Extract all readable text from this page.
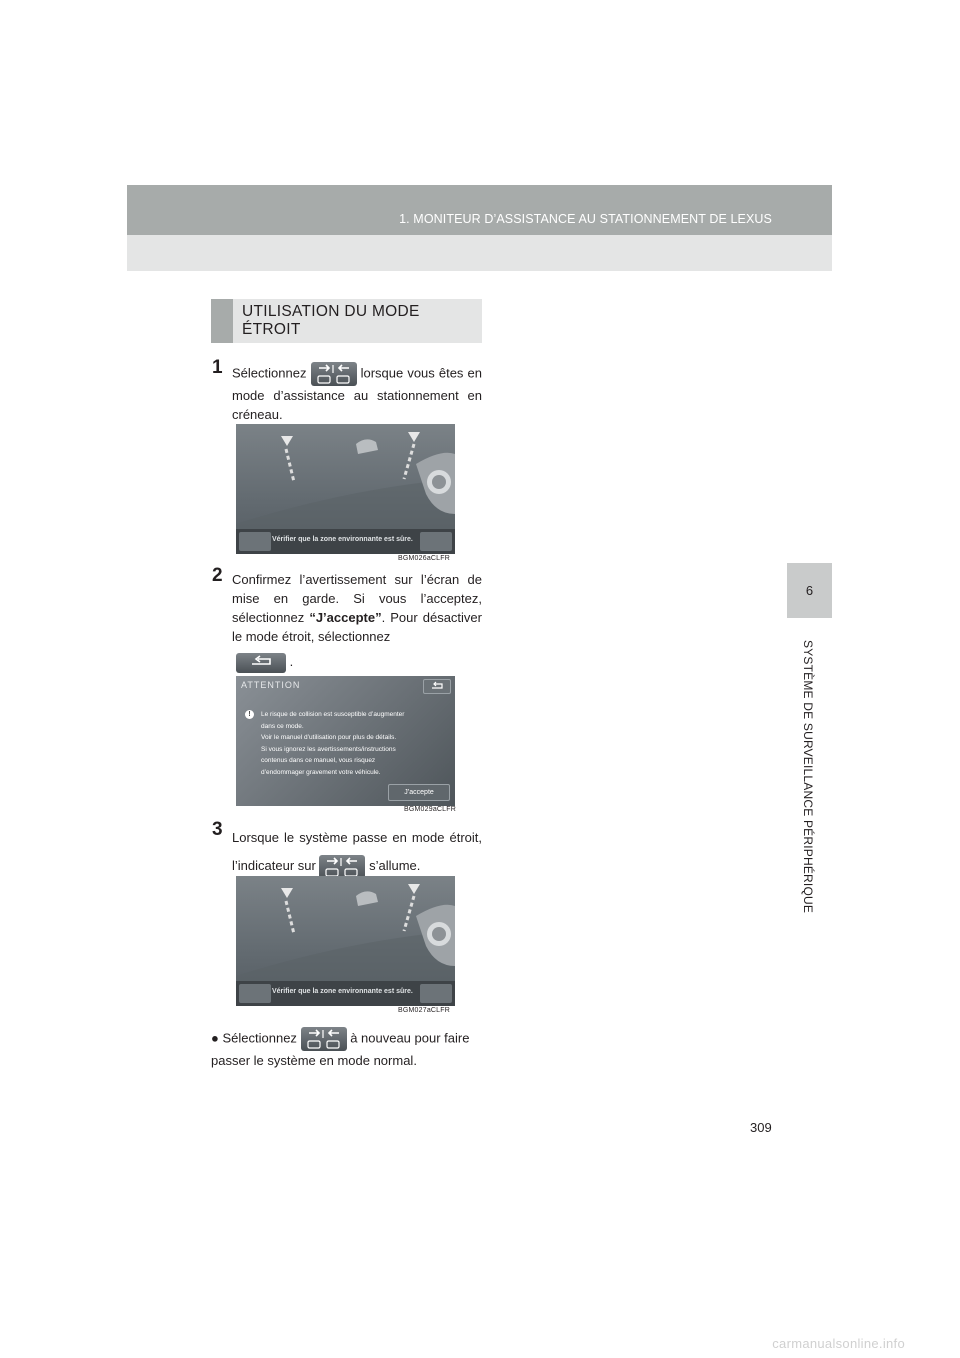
1. MONITEUR D’ASSISTANCE AU STATIONNEMENT DE LEXUS
6
SYSTÈME DE SURVEILLANCE PÉRIPHÉRIQUE
UTILISATION DU MODE
ÉTROIT
1 Sélectionnez	lorsque vous êtes en mode d’assistance au stationnement en créneau.
Vérifier que la zone environnante est sûre.
BGM026aCLFR
2 Confirmez l’avertissement sur l’écran de mise en garde. Si vous l’acceptez, sélectionnez “J’accepte”. Pour désactiver le mode étroit, sélectionnez
.
ATTENTION
!	Le risque de collision est susceptible d’augmenter
dans ce mode.
Voir le manuel d’utilisation pour plus de détails.
Si vous ignorez les avertissements/instructions
contenus dans ce manuel, vous risquez
d’endommager gravement votre véhicule.
J’accepte
BGM029aCLFR
3 Lorsque le système passe en mode étroit, l’indicateur sur	s’allume.
Vérifier que la zone environnante est sûre.
BGM027aCLFR
● Sélectionnez	à nouveau pour faire passer le système en mode normal.
309
carmanualsonline.info
